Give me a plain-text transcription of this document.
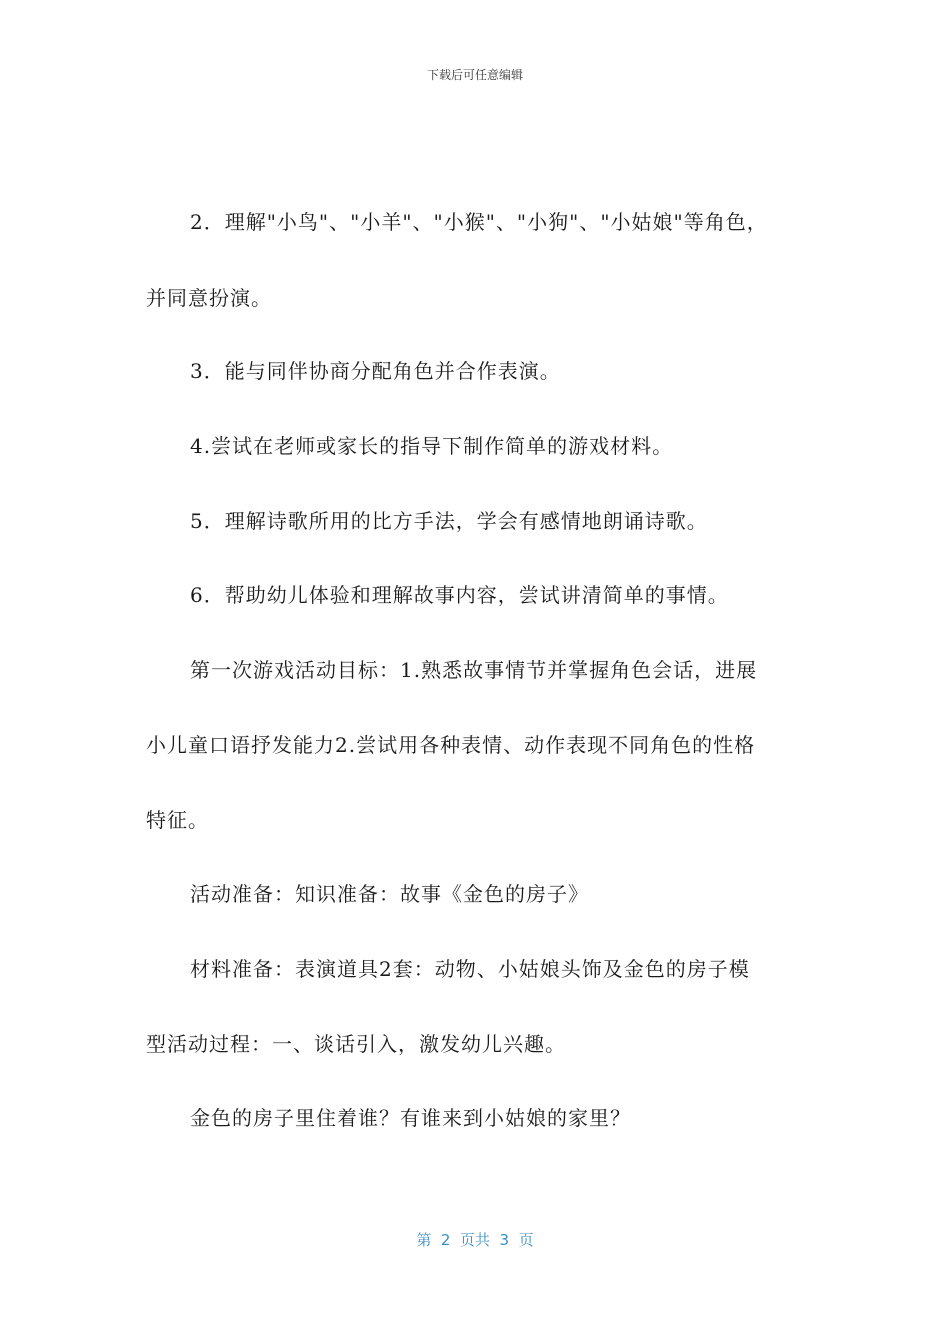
下载后可任意编辑
2．理解"小鸟"、"小羊"、"小猴"、"小狗"、"小姑娘"等角色，
并同意扮演。
3．能与同伴协商分配角色并合作表演。
4.尝试在老师或家长的指导下制作简单的游戏材料。
5．理解诗歌所用的比方手法，学会有感情地朗诵诗歌。
6．帮助幼儿体验和理解故事内容，尝试讲清简单的事情。
第一次游戏活动目标：1.熟悉故事情节并掌握角色会话，进展
小儿童口语抒发能力2.尝试用各种表情、动作表现不同角色的性格
特征。
活动准备：知识准备：故事《金色的房子》
材料准备：表演道具2套：动物、小姑娘头饰及金色的房子模
型活动过程：一、谈话引入，激发幼儿兴趣。
金色的房子里住着谁？有谁来到小姑娘的家里？
第  2  页共  3  页
